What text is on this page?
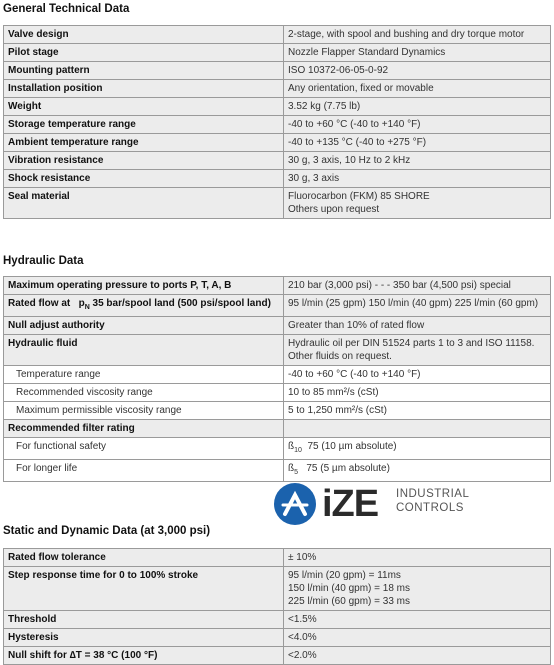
General Technical Data
Valve design	2-stage, with spool and bushing and dry torque motor

Pilot stage	Nozzle Flapper Standard Dynamics

Mounting pattern	ISO 10372-06-05-0-92

Installation position	Any orientation, fixed or movable

Weight	3.52 kg (7.75 lb)

Storage temperature range	-40 to +60 °C (-40 to +140 °F)

Ambient temperature range	-40 to +135 °C (-40 to +275 °F)

Vibration resistance	30 g, 3 axis, 10 Hz to 2 kHz

Shock resistance	30 g, 3 axis

Seal material	Fluorocarbon (FKM) 85 SHORE
Others upon request
Hydraulic Data
Maximum operating pressure to ports P, T, A, B	210 bar (3,000 psi) - - - 350 bar (4,500 psi) special
Rated flow at $p_N$ 35 bar/spool land (500 psi/spool land)	95 l/min (25 gpm) 150 l/min (40 gpm) 225 l/min (60 gpm)
Null adjust authority	Greater than 10% of rated flow
Hydraulic fluid	Hydraulic oil per DIN 51524 parts 1 to 3 and ISO 11158.
Other fluids on request.

Temperature range	-40 to +60 °C (-40 to +140 °F)
Recommended viscosity range	10 to 85 mm²/s (cSt)
Maximum permissible viscosity range	5 to 1,250 mm²/s (cSt)
Recommended filter rating	
For functional safety	$ß_{10}$ 75 (10 µm absolute)
For longer life	$ß_5$ 75 (5 µm absolute)
iZE INDUSTRIAL
CONTROLS
Static and Dynamic Data (at 3,000 psi)
Rated flow tolerance	± 10%

Step response time for 0 to 100% stroke	95 l/min (20 gpm) = 11ms
150 l/min (40 gpm) = 18 ms
225 l/min (60 gpm) = 33 ms

Threshold	<1.5%

Hysteresis	<4.0%

Null shift for ∆T = 38 °C (100 °F)	<2.0%
